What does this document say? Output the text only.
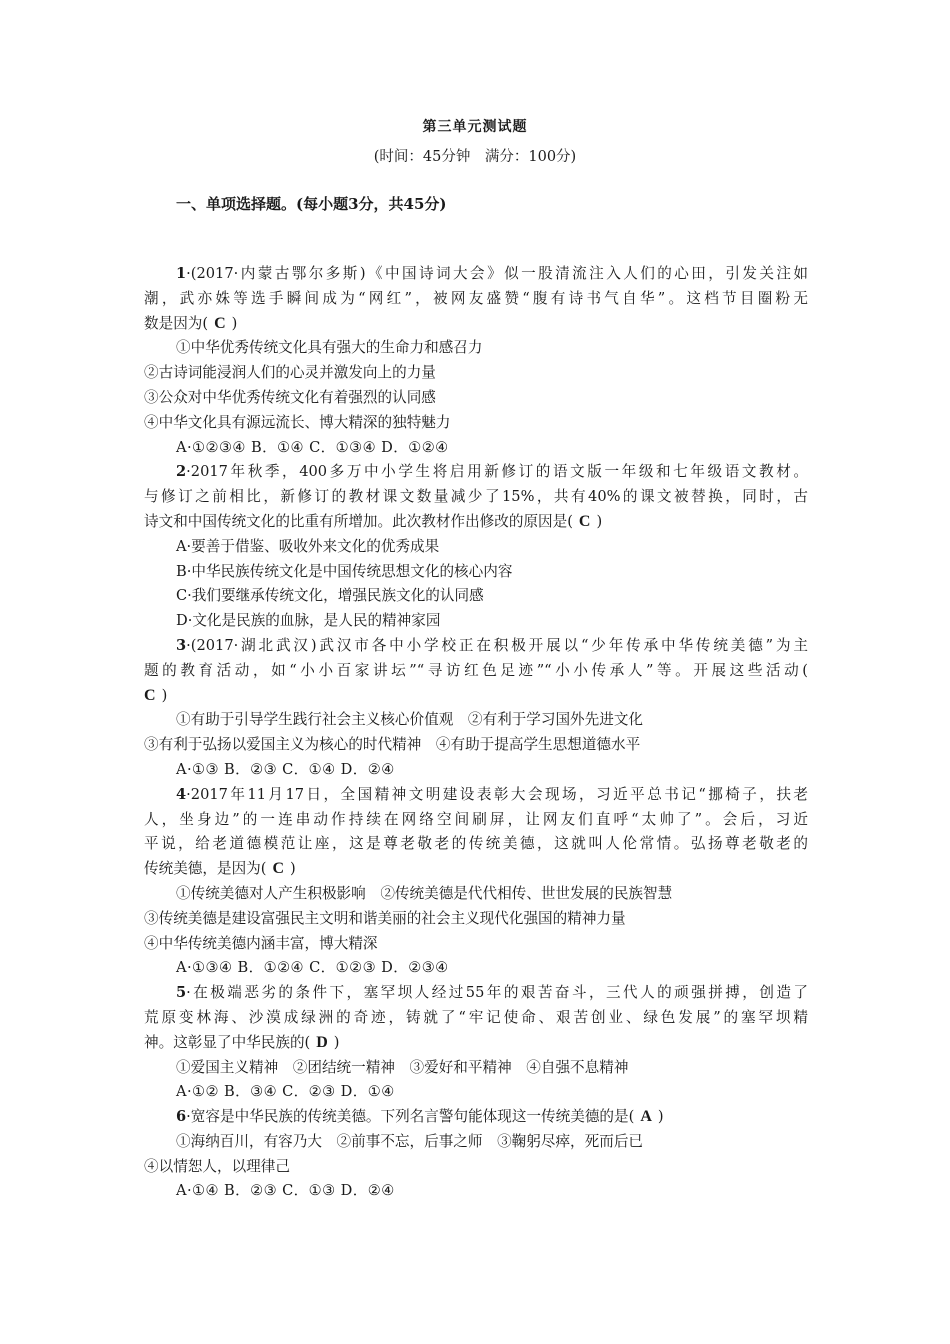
第三单元测试题
(时间：45分钟　满分：100分)
一、单项选择题。(每小题3分，共45分)
1·(2017·内蒙古鄂尔多斯)《中国诗词大会》似一股清流注入人们的心田，引发关注如
潮，武亦姝等选手瞬间成为“网红”，被网友盛赞“腹有诗书气自华”。这档节目圈粉无
数是因为( C )
①中华优秀传统文化具有强大的生命力和感召力
②古诗词能浸润人们的心灵并激发向上的力量
③公众对中华优秀传统文化有着强烈的认同感
④中华文化具有源远流长、博大精深的独特魅力
A·①②③④ B．①④ C．①③④ D．①②④
2·2017年秋季，400多万中小学生将启用新修订的语文版一年级和七年级语文教材。
与修订之前相比，新修订的教材课文数量减少了15%，共有40%的课文被替换，同时，古
诗文和中国传统文化的比重有所增加。此次教材作出修改的原因是( C )
A·要善于借鉴、吸收外来文化的优秀成果
B·中华民族传统文化是中国传统思想文化的核心内容
C·我们要继承传统文化，增强民族文化的认同感
D·文化是民族的血脉，是人民的精神家园
3·(2017·湖北武汉)武汉市各中小学校正在积极开展以“少年传承中华传统美德”为主
题的教育活动，如“小小百家讲坛”“寻访红色足迹”“小小传承人”等。开展这些活动(
C )
①有助于引导学生践行社会主义核心价值观　②有利于学习国外先进文化
③有利于弘扬以爱国主义为核心的时代精神　④有助于提高学生思想道德水平
A·①③ B．②③ C．①④ D．②④
4·2017年11月17日，全国精神文明建设表彰大会现场，习近平总书记“挪椅子，扶老
人，坐身边”的一连串动作持续在网络空间刷屏，让网友们直呼“太帅了”。会后，习近
平说，给老道德模范让座，这是尊老敬老的传统美德，这就叫人伦常情。弘扬尊老敬老的
传统美德，是因为( C )
①传统美德对人产生积极影响　②传统美德是代代相传、世世发展的民族智慧
③传统美德是建设富强民主文明和谐美丽的社会主义现代化强国的精神力量
④中华传统美德内涵丰富，博大精深
A·①③④ B．①②④ C．①②③ D．②③④
5·在极端恶劣的条件下，塞罕坝人经过55年的艰苦奋斗，三代人的顽强拼搏，创造了
荒原变林海、沙漠成绿洲的奇迹，铸就了“牢记使命、艰苦创业、绿色发展”的塞罕坝精
神。这彰显了中华民族的( D )
①爱国主义精神　②团结统一精神　③爱好和平精神　④自强不息精神
A·①② B．③④ C．②③ D．①④
6·宽容是中华民族的传统美德。下列名言警句能体现这一传统美德的是( A )
①海纳百川，有容乃大　②前事不忘，后事之师　③鞠躬尽瘁，死而后已
④以情恕人，以理律己
A·①④ B．②③ C．①③ D．②④
